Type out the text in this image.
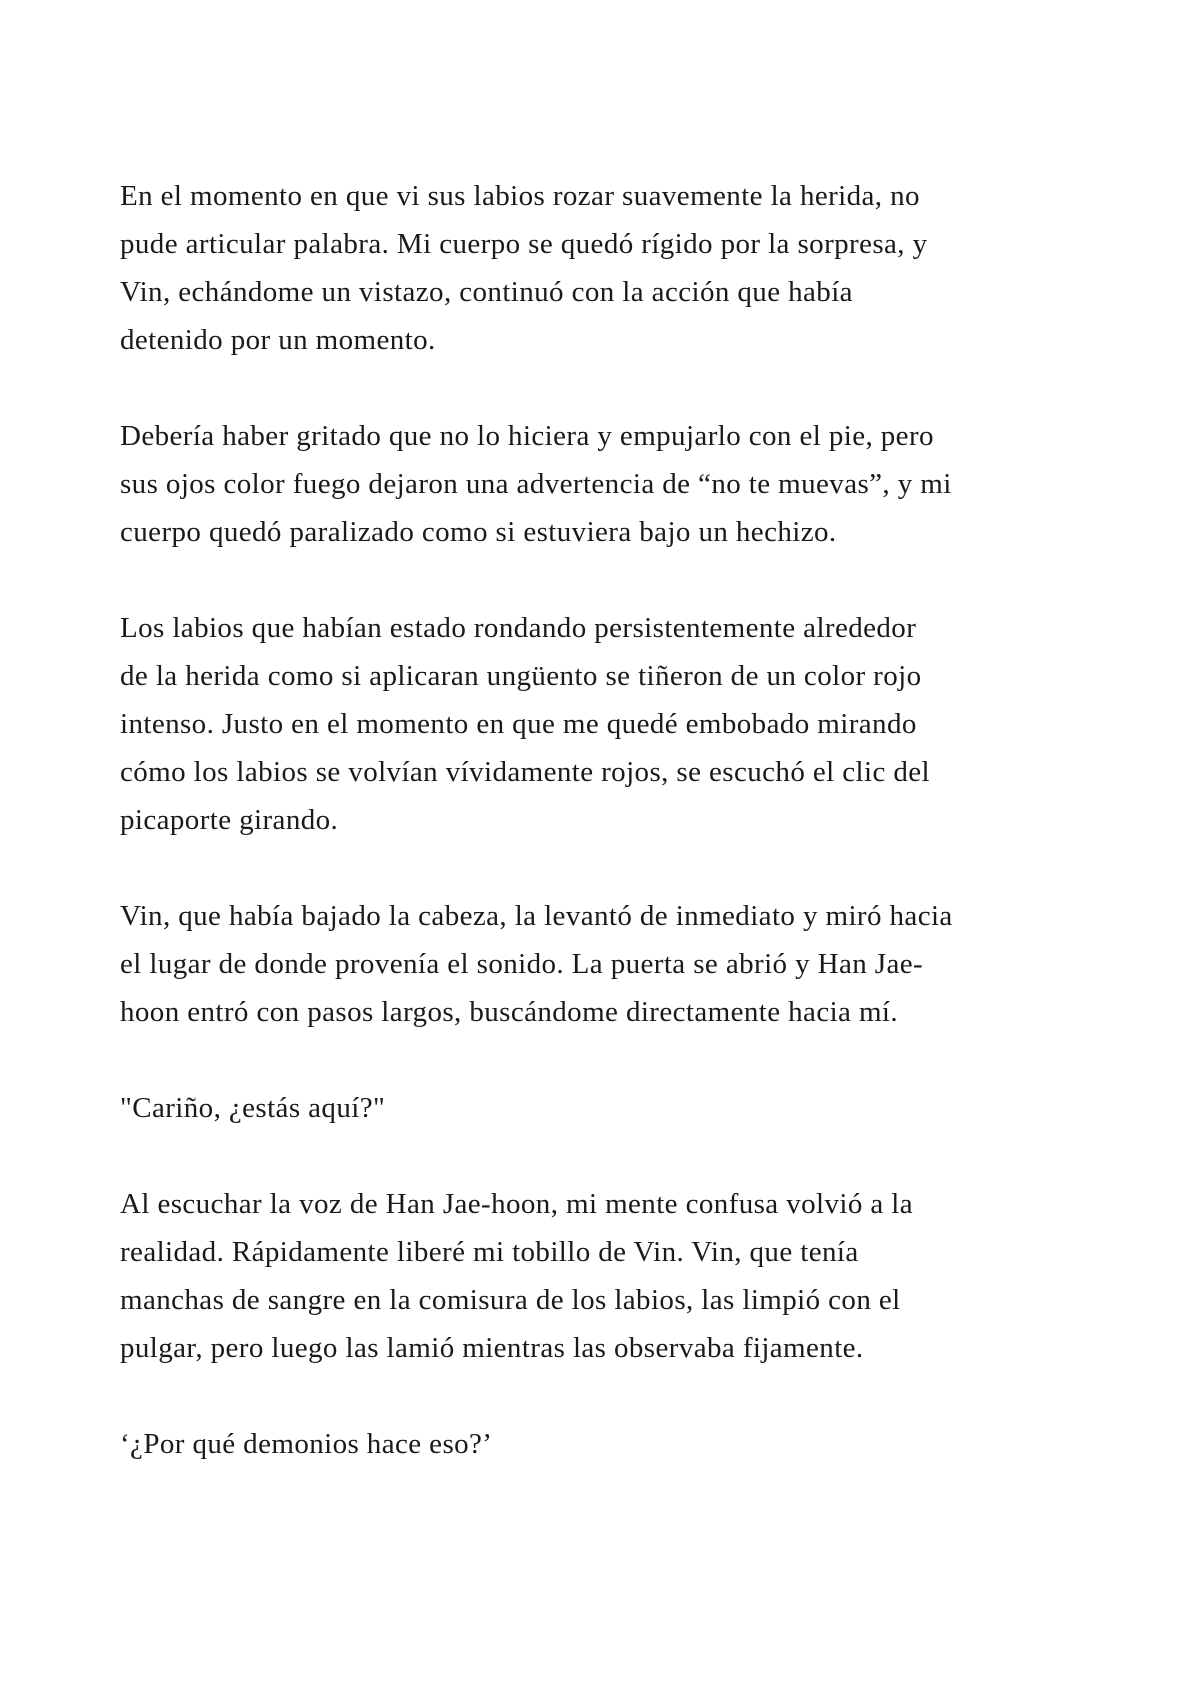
En el momento en que vi sus labios rozar suavemente la herida, no
pude articular palabra. Mi cuerpo se quedó rígido por la sorpresa, y
Vin, echándome un vistazo, continuó con la acción que había
detenido por un momento.

Debería haber gritado que no lo hiciera y empujarlo con el pie, pero
sus ojos color fuego dejaron una advertencia de “no te muevas”, y mi
cuerpo quedó paralizado como si estuviera bajo un hechizo.

Los labios que habían estado rondando persistentemente alrededor
de la herida como si aplicaran ungüento se tiñeron de un color rojo
intenso. Justo en el momento en que me quedé embobado mirando
cómo los labios se volvían vívidamente rojos, se escuchó el clic del
picaporte girando.

Vin, que había bajado la cabeza, la levantó de inmediato y miró hacia
el lugar de donde provenía el sonido. La puerta se abrió y Han Jae-
hoon entró con pasos largos, buscándome directamente hacia mí.

"Cariño, ¿estás aquí?"

Al escuchar la voz de Han Jae-hoon, mi mente confusa volvió a la
realidad. Rápidamente liberé mi tobillo de Vin. Vin, que tenía
manchas de sangre en la comisura de los labios, las limpió con el
pulgar, pero luego las lamió mientras las observaba fijamente.

‘¿Por qué demonios hace eso?’
